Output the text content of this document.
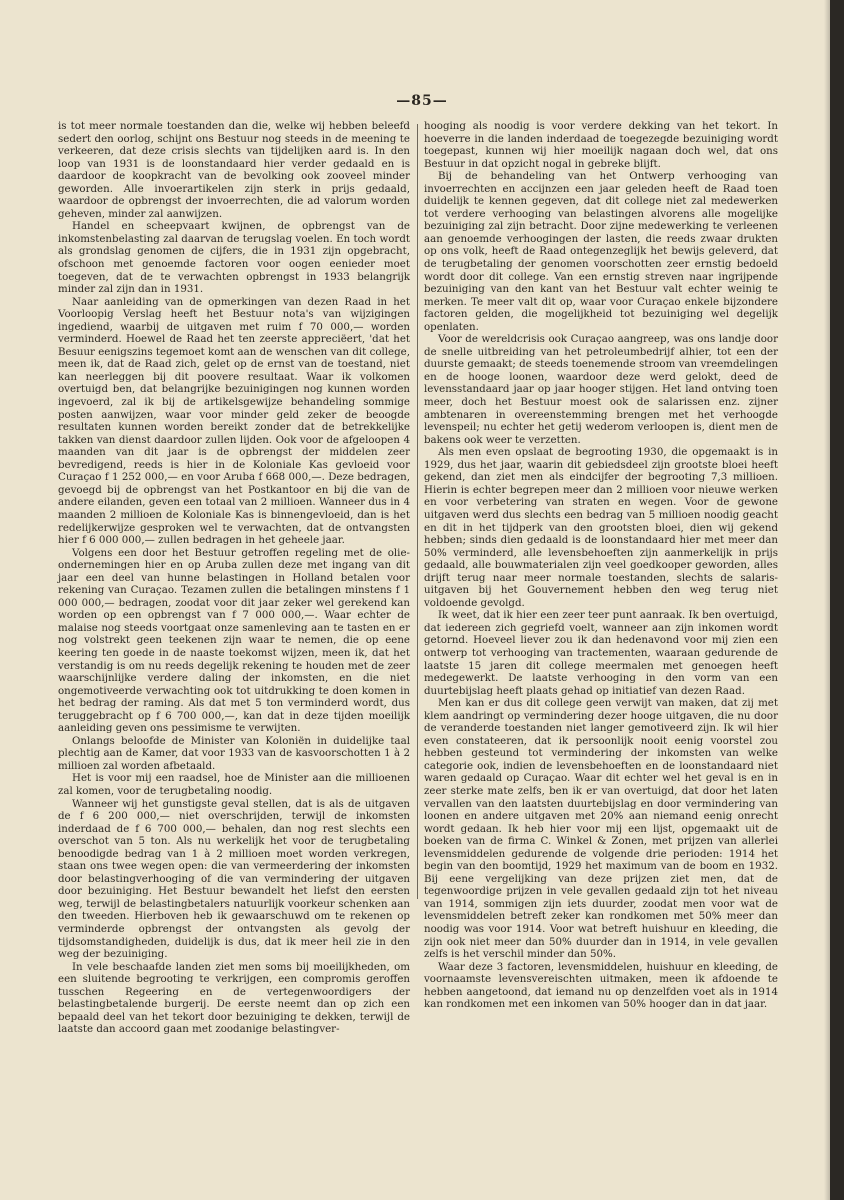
—85—

is tot meer normale toestanden dan die, welke wij hebben beleefd sedert den oorlog, schijnt ons Bestuur nog steeds in de meening te verkeeren, dat deze crisis slechts van tijdelijken aard is. In den loop van 1931 is de loonstandaard hier verder gedaald en is daardoor de koopkracht van de bevolking ook zooveel minder geworden. Alle invoerartikelen zijn sterk in prijs gedaald, waardoor de opbrengst der invoerrechten, die ad valorum worden geheven, minder zal aanwijzen.

Handel en scheepvaart kwijnen, de opbrengst van de inkomstenbelasting zal daarvan de terugslag voelen. En toch wordt als grondslag genomen de cijfers, die in 1931 zijn opgebracht, ofschoon met genoemde factoren voor oogen eenieder moet toegeven, dat de te verwachten opbrengst in 1933 belangrijk minder zal zijn dan in 1931.

Naar aanleiding van de opmerkingen van dezen Raad in het Voorloopig Verslag heeft het Bestuur nota's van wijzigingen ingediend, waarbij de uitgaven met ruim f 70 000,— worden verminderd. Hoewel de Raad het ten zeerste appreciëert, 'dat het Besuur eenigszins tegemoet komt aan de wenschen van dit college, meen ik, dat de Raad zich, gelet op de ernst van de toestand, niet kan neerleggen bij dit poovere resultaat. Waar ik volkomen overtuigd ben, dat belangrijke bezuinigingen nog kunnen worden ingevoerd, zal ik bij de artikelsgewijze behandeling sommige posten aanwijzen, waar voor minder geld zeker de beoogde resultaten kunnen worden bereikt zonder dat de betrekkelijke takken van dienst daardoor zullen lijden. Ook voor de afgeloopen 4 maanden van dit jaar is de opbrengst der middelen zeer bevredigend, reeds is hier in de Koloniale Kas gevloeid voor Curaçao f 1 252 000,— en voor Aruba f 668 000,—. Deze bedragen, gevoegd bij de opbrengst van het Postkantoor en bij die van de andere eilanden, geven een totaal van 2 millioen. Wanneer dus in 4 maanden 2 millioen de Koloniale Kas is binnengevloeid, dan is het redelijkerwijze gesproken wel te verwachten, dat de ontvangsten hier f 6 000 000,— zullen bedragen in het geheele jaar.

Volgens een door het Bestuur getroffen regeling met de olie-ondernemingen hier en op Aruba zullen deze met ingang van dit jaar een deel van hunne belastingen in Holland betalen voor rekening van Curaçao. Tezamen zullen die betalingen minstens f 1 000 000,— bedragen, zoodat voor dit jaar zeker wel gerekend kan worden op een opbrengst van f 7 000 000,—. Waar echter de malaise nog steeds voortgaat onze samenleving aan te tasten en er nog volstrekt geen teekenen zijn waar te nemen, die op eene keering ten goede in de naaste toekomst wijzen, meen ik, dat het verstandig is om nu reeds degelijk rekening te houden met de zeer waarschijnlijke verdere daling der inkomsten, en die niet ongemotiveerde verwachting ook tot uitdrukking te doen komen in het bedrag der raming. Als dat met 5 ton verminderd wordt, dus teruggebracht op f 6 700 000,—, kan dat in deze tijden moeilijk aanleiding geven ons pessimisme te verwijten.

Onlangs beloofde de Minister van Koloniën in duidelijke taal plechtig aan de Kamer, dat voor 1933 van de kasvoorschotten 1 à 2 millioen zal worden afbetaald.

Het is voor mij een raadsel, hoe de Minister aan die millioenen zal komen, voor de terugbetaling noodig.

Wanneer wij het gunstigste geval stellen, dat is als de uitgaven de f 6 200 000,— niet overschrijden, terwijl de inkomsten inderdaad de f 6 700 000,— behalen, dan nog rest slechts een overschot van 5 ton. Als nu werkelijk het voor de terugbetaling benoodigde bedrag van 1 à 2 millioen moet worden verkregen, staan ons twee wegen open: die van vermeerdering der inkomsten door belastingverhooging of die van vermindering der uitgaven door bezuiniging. Het Bestuur bewandelt het liefst den eersten weg, terwijl de belastingbetalers natuurlijk voorkeur schenken aan den tweeden. Hierboven heb ik gewaarschuwd om te rekenen op verminderde opbrengst der ontvangsten als gevolg der tijdsomstandigheden, duidelijk is dus, dat ik meer heil zie in den weg der bezuiniging.

In vele beschaafde landen ziet men soms bij moeilijkheden, om een sluitende begrooting te verkrijgen, een compromis geroffen tusschen Regeering en de vertegenwoordigers der belastingbetalende burgerij. De eerste neemt dan op zich een bepaald deel van het tekort door bezuiniging te dekken, terwijl de laatste dan accoord gaan met zoodanige belastingver-

hooging als noodig is voor verdere dekking van het tekort. In hoeverre in die landen inderdaad de toegezegde bezuiniging wordt toegepast, kunnen wij hier moeilijk nagaan doch wel, dat ons Bestuur in dat opzicht nogal in gebreke blijft.

Bij de behandeling van het Ontwerp verhooging van invoerrechten en accijnzen een jaar geleden heeft de Raad toen duidelijk te kennen gegeven, dat dit college niet zal medewerken tot verdere verhooging van belastingen alvorens alle mogelijke bezuiniging zal zijn betracht. Door zijne medewerking te verleenen aan genoemde verhoogingen der lasten, die reeds zwaar drukten op ons volk, heeft de Raad ontegenzeglijk het bewijs geleverd, dat de terugbetaling der genomen voorschotten zeer ernstig bedoeld wordt door dit college. Van een ernstig streven naar ingrijpende bezuiniging van den kant van het Bestuur valt echter weinig te merken. Te meer valt dit op, waar voor Curaçao enkele bijzondere factoren gelden, die mogelijkheid tot bezuiniging wel degelijk openlaten.

Voor de wereldcrisis ook Curaçao aangreep, was ons landje door de snelle uitbreiding van het petroleumbedrijf alhier, tot een der duurste gemaakt; de steeds toenemende stroom van vreemdelingen en de hooge loonen, waardoor deze werd gelokt, deed de levensstandaard jaar op jaar hooger stijgen. Het land ontving toen meer, doch het Bestuur moest ook de salarissen enz. zijner ambtenaren in overeenstemming brengen met het verhoogde levenspeil; nu echter het getij wederom verloopen is, dient men de bakens ook weer te verzetten.

Als men even opslaat de begrooting 1930, die opgemaakt is in 1929, dus het jaar, waarin dit gebiedsdeel zijn grootste bloei heeft gekend, dan ziet men als eindcijfer der begrooting 7,3 millioen. Hierin is echter begrepen meer dan 2 millioen voor nieuwe werken en voor verbetering van straten en wegen. Voor de gewone uitgaven werd dus slechts een bedrag van 5 millioen noodig geacht en dit in het tijdperk van den grootsten bloei, dien wij gekend hebben; sinds dien gedaald is de loonstandaard hier met meer dan 50% verminderd, alle levensbehoeften zijn aanmerkelijk in prijs gedaald, alle bouwmaterialen zijn veel goedkooper geworden, alles drijft terug naar meer normale toestanden, slechts de salaris-uitgaven bij het Gouvernement hebben den weg terug niet voldoende gevolgd.

Ik weet, dat ik hier een zeer teer punt aanraak. Ik ben overtuigd, dat iedereen zich gegriefd voelt, wanneer aan zijn inkomen wordt getornd. Hoeveel liever zou ik dan hedenavond voor mij zien een ontwerp tot verhooging van tractementen, waaraan gedurende de laatste 15 jaren dit college meermalen met genoegen heeft medegewerkt. De laatste verhooging in den vorm van een duurtebijslag heeft plaats gehad op initiatief van dezen Raad.

Men kan er dus dit college geen verwijt van maken, dat zij met klem aandringt op vermindering dezer hooge uitgaven, die nu door de veranderde toestanden niet langer gemotiveerd zijn. Ik wil hier even constateeren, dat ik persoonlijk nooit eenig voorstel zou hebben gesteund tot vermindering der inkomsten van welke categorie ook, indien de levensbehoeften en de loonstandaard niet waren gedaald op Curaçao. Waar dit echter wel het geval is en in zeer sterke mate zelfs, ben ik er van overtuigd, dat door het laten vervallen van den laatsten duurtebijslag en door vermindering van loonen en andere uitgaven met 20% aan niemand eenig onrecht wordt gedaan. Ik heb hier voor mij een lijst, opgemaakt uit de boeken van de firma C. Winkel & Zonen, met prijzen van allerlei levensmiddelen gedurende de volgende drie perioden: 1914 het begin van den boomtijd, 1929 het maximum van de boom en 1932. Bij eene vergelijking van deze prijzen ziet men, dat de tegenwoordige prijzen in vele gevallen gedaald zijn tot het niveau van 1914, sommigen zijn iets duurder, zoodat men voor wat de levensmiddelen betreft zeker kan rondkomen met 50% meer dan noodig was voor 1914. Voor wat betreft huishuur en kleeding, die zijn ook niet meer dan 50% duurder dan in 1914, in vele gevallen zelfs is het verschil minder dan 50%.

Waar deze 3 factoren, levensmiddelen, huishuur en kleeding, de voornaamste levensvereischten uitmaken, meen ik afdoende te hebben aangetoond, dat iemand nu op denzelfden voet als in 1914 kan rondkomen met een inkomen van 50% hooger dan in dat jaar.
